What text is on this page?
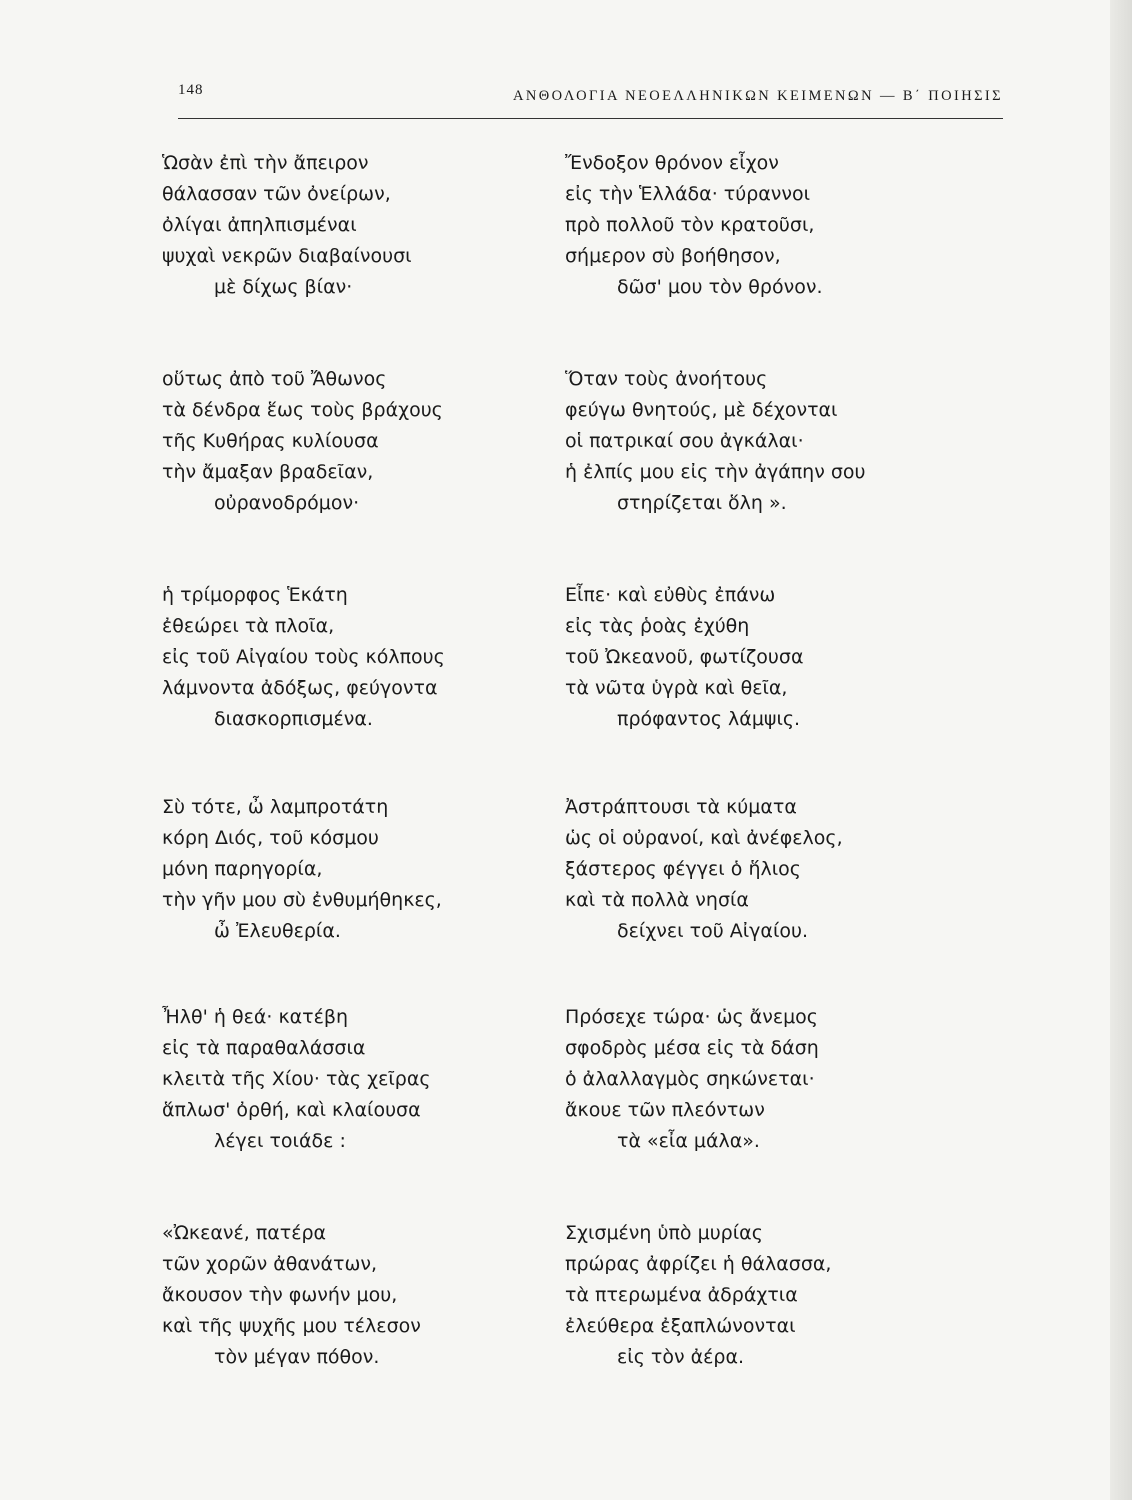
148	ΑΝΘΟΛΟΓΙΑ ΝΕΟΕΛΛΗΝΙΚΩΝ ΚΕΙΜΕΝΩΝ — Β΄ ΠΟΙΗΣΙΣ
Ὡσὰν ἐπὶ τὴν ἄπειρον
θάλασσαν τῶν ὀνείρων,
ὀλίγαι ἀπηλπισμέναι
ψυχαὶ νεκρῶν διαβαίνουσι
μὲ δίχως βίαν·
οὕτως ἀπὸ τοῦ Ἄθωνος
τὰ δένδρα ἕως τοὺς βράχους
τῆς Κυθήρας κυλίουσα
τὴν ἄμαξαν βραδεῖαν,
οὐρανοδρόμον·
ἡ τρίμορφος Ἑκάτη
ἐθεώρει τὰ πλοῖα,
εἰς τοῦ Αἰγαίου τοὺς κόλπους
λάμνοντα ἀδόξως, φεύγοντα
διασκορπισμένα.
Σὺ τότε, ὦ λαμπροτάτη
κόρη Διός, τοῦ κόσμου
μόνη παρηγορία,
τὴν γῆν μου σὺ ἐνθυμήθηκες,
ὦ Ἐλευθερία.
Ἦλθ' ἡ θεά· κατέβη
εἰς τὰ παραθαλάσσια
κλειτὰ τῆς Χίου· τὰς χεῖρας
ἅπλωσ' ὀρθή, καὶ κλαίουσα
λέγει τοιάδε :
«Ὠκεανέ, πατέρα
τῶν χορῶν ἀθανάτων,
ἄκουσον τὴν φωνήν μου,
καὶ τῆς ψυχῆς μου τέλεσον
τὸν μέγαν πόθον.
Ἔνδοξον θρόνον εἶχον
εἰς τὴν Ἑλλάδα· τύραννοι
πρὸ πολλοῦ τὸν κρατοῦσι,
σήμερον σὺ βοήθησον,
δῶσ' μου τὸν θρόνον.
Ὅταν τοὺς ἀνοήτους
φεύγω θνητούς, μὲ δέχονται
οἱ πατρικαί σου ἀγκάλαι·
ἡ ἐλπίς μου εἰς τὴν ἀγάπην σου
στηρίζεται ὅλη ».
Εἶπε· καὶ εὐθὺς ἐπάνω
εἰς τὰς ῥοὰς ἐχύθη
τοῦ Ὠκεανοῦ, φωτίζουσα
τὰ νῶτα ὑγρὰ καὶ θεῖα,
πρόφαντος λάμψις.
Ἀστράπτουσι τὰ κύματα
ὡς οἱ οὐρανοί, καὶ ἀνέφελος,
ξάστερος φέγγει ὁ ἥλιος
καὶ τὰ πολλὰ νησία
δείχνει τοῦ Αἰγαίου.
Πρόσεχε τώρα· ὡς ἄνεμος
σφοδρὸς μέσα εἰς τὰ δάση
ὁ ἀλαλλαγμὸς σηκώνεται·
ἄκουε τῶν πλεόντων
τὰ «εἶα μάλα».
Σχισμένη ὑπὸ μυρίας
πρώρας ἀφρίζει ἡ θάλασσα,
τὰ πτερωμένα ἀδράχτια
ἐλεύθερα ἐξαπλώνονται
εἰς τὸν ἀέρα.
